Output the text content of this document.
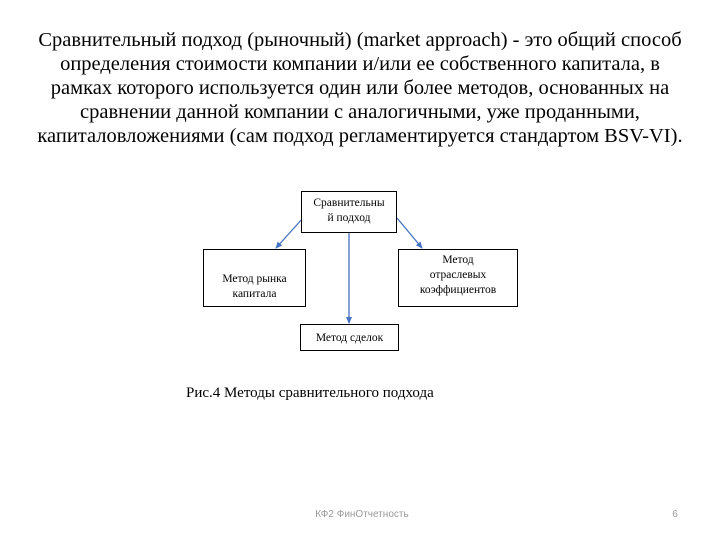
Сравнительный подход (рыночный) (market approach) - это общий способ определения стоимости компании и/или ее собственного капитала, в рамках которого используется один или более методов, основанных на сравнении данной компании с аналогичными, уже проданными, капиталовложениями (сам подход регламентируется стандартом BSV-VI).
Сравнительны
й подход
Метод рынка
капитала
Метод
отраслевых
коэффициентов
Метод сделок
Рис.4 Методы сравнительного подхода
КФ2 ФинОтчетность	6
